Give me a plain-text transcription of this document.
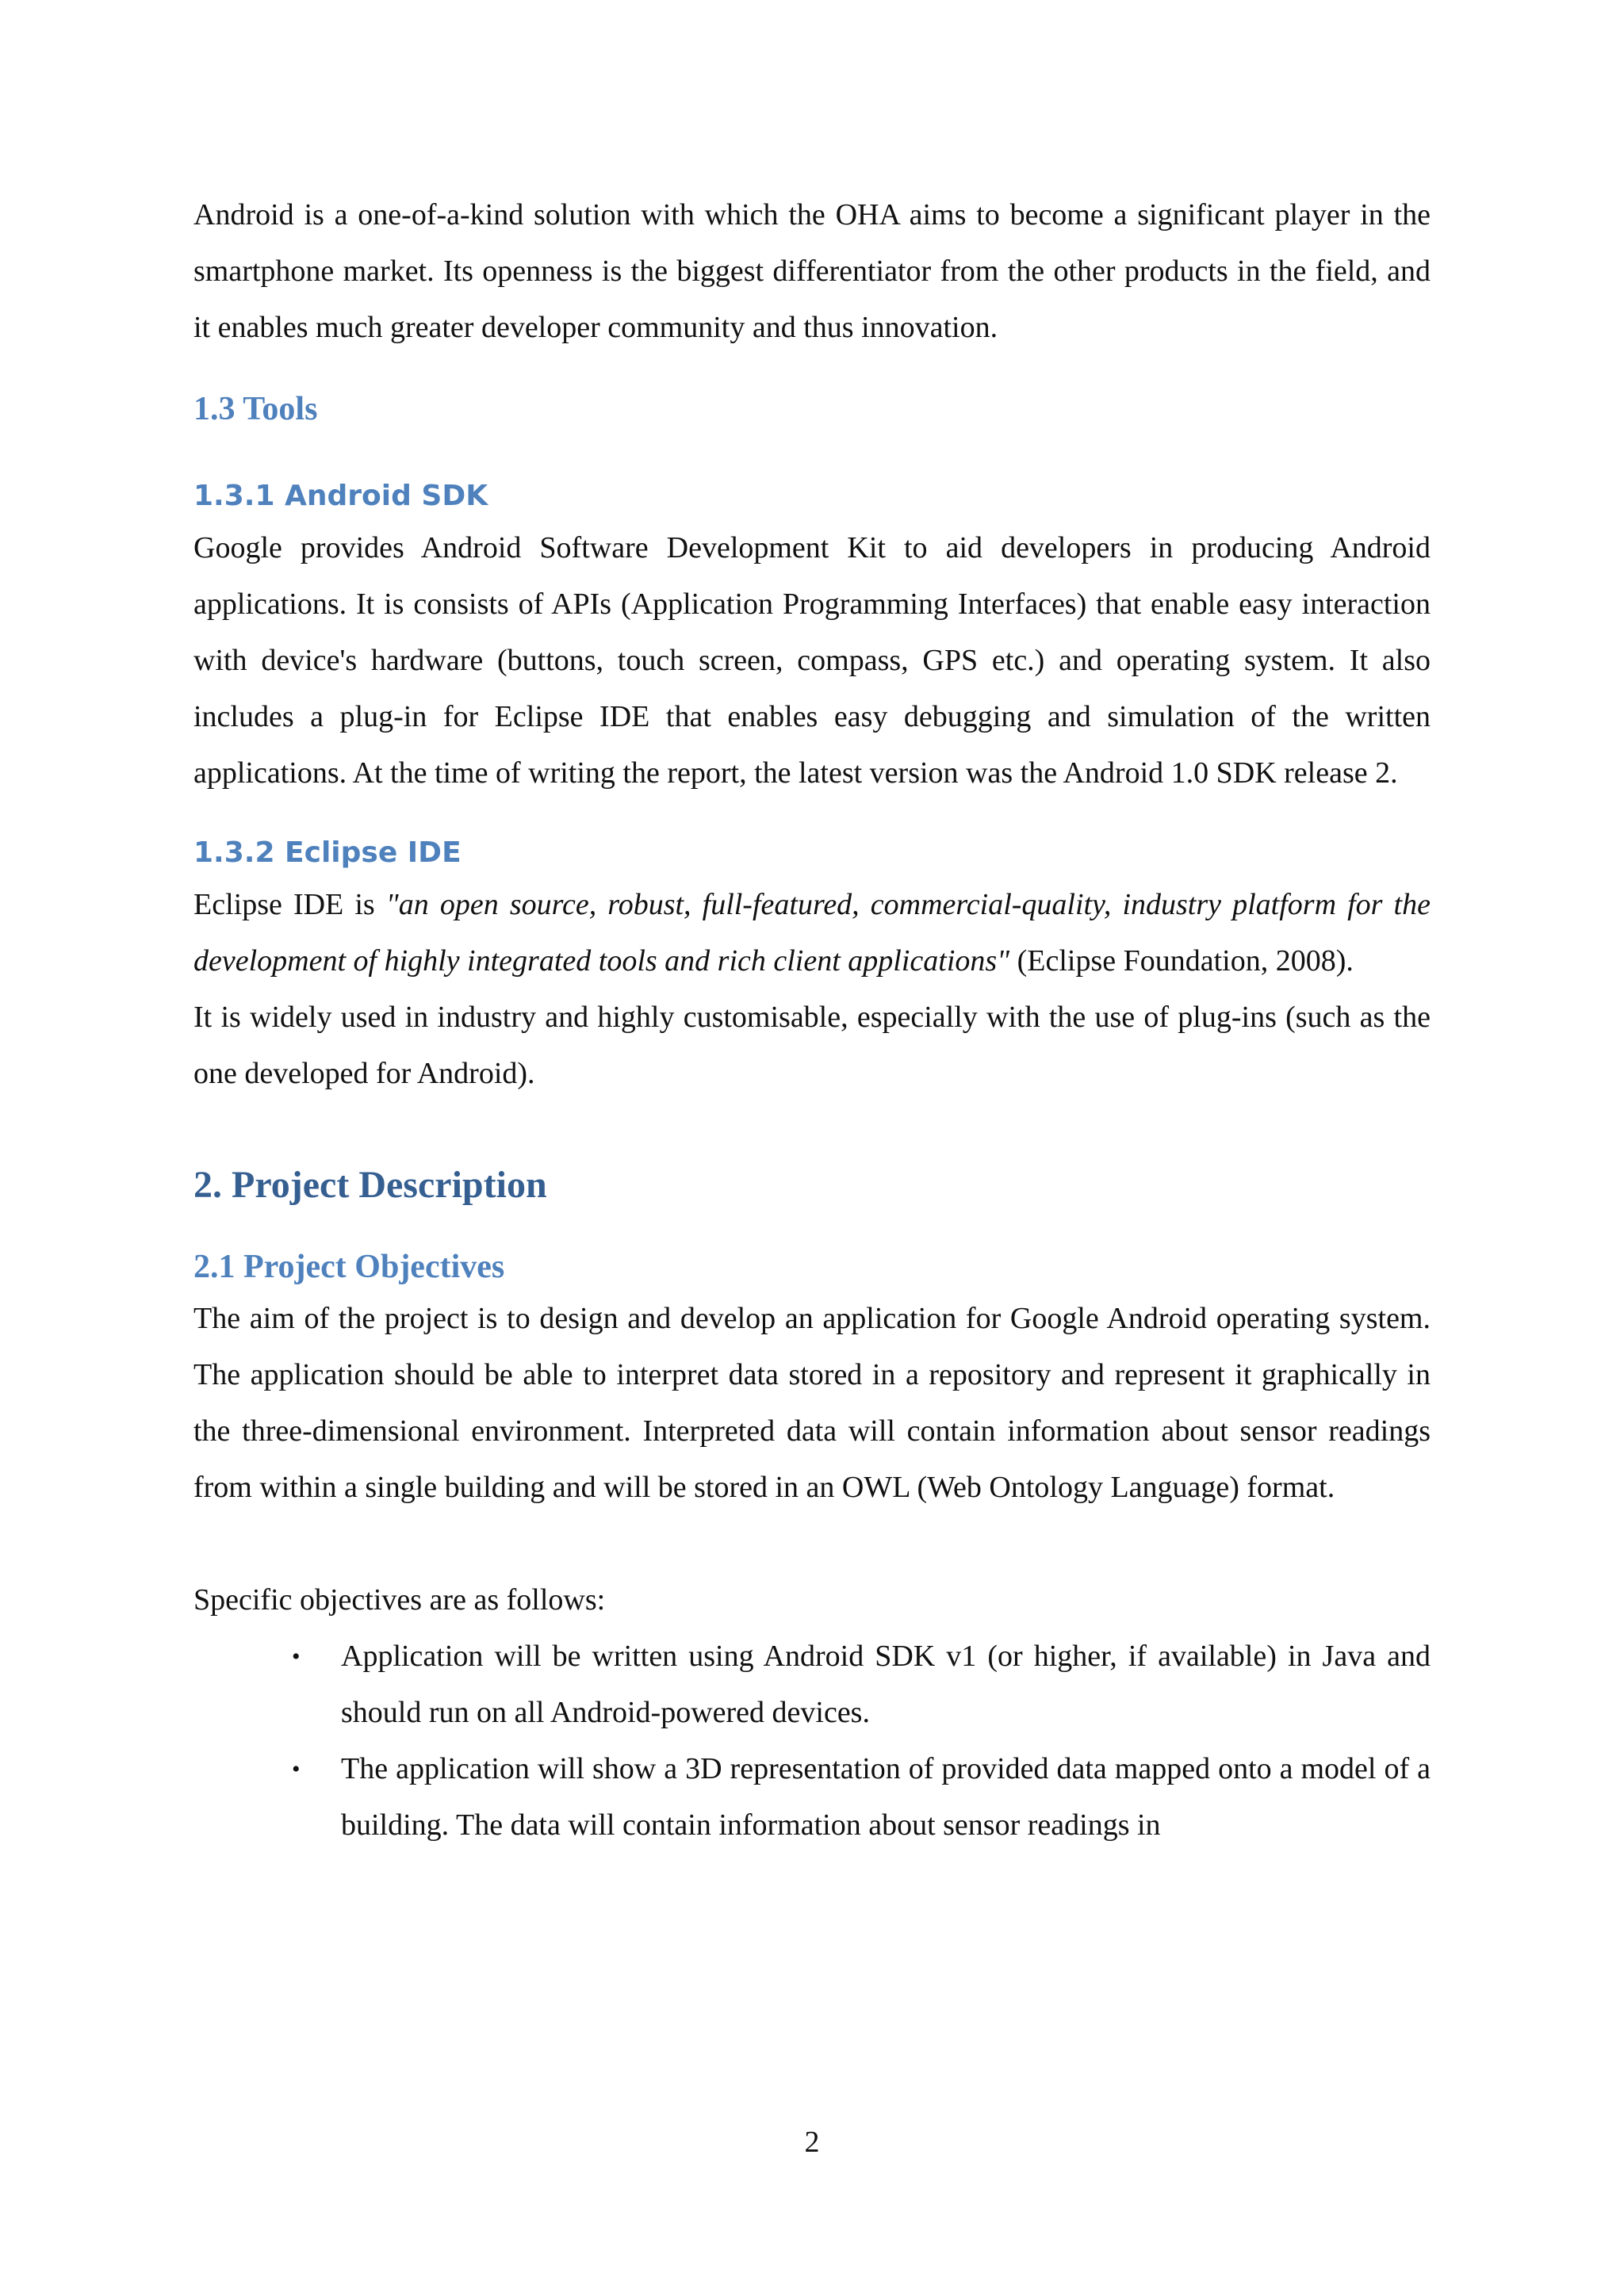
Android is a one-of-a-kind solution with which the OHA aims to become a significant player in the smartphone market. Its openness is the biggest differentiator from the other products in the field, and it enables much greater developer community and thus innovation.

1.3 Tools
1.3.1 Android SDK

Google provides Android Software Development Kit to aid developers in producing Android applications. It is consists of APIs (Application Programming Interfaces) that enable easy interaction with device's hardware (buttons, touch screen, compass, GPS etc.) and operating system. It also includes a plug-in for Eclipse IDE that enables easy debugging and simulation of the written applications. At the time of writing the report, the latest version was the Android 1.0 SDK release 2.

1.3.2 Eclipse IDE

Eclipse IDE is "an open source, robust, full-featured, commercial-quality, industry platform for the development of highly integrated tools and rich client applications" (Eclipse Foundation, 2008).

It is widely used in industry and highly customisable, especially with the use of plug-ins (such as the one developed for Android).

2. Project Description
2.1 Project Objectives

The aim of the project is to design and develop an application for Google Android operating system. The application should be able to interpret data stored in a repository and represent it graphically in the three-dimensional environment. Interpreted data will contain information about sensor readings from within a single building and will be stored in an OWL (Web Ontology Language) format.

Specific objectives are as follows:

• Application will be written using Android SDK v1 (or higher, if available) in Java and should run on all Android-powered devices.
• The application will show a 3D representation of provided data mapped onto a model of a building. The data will contain information about sensor readings in
2
